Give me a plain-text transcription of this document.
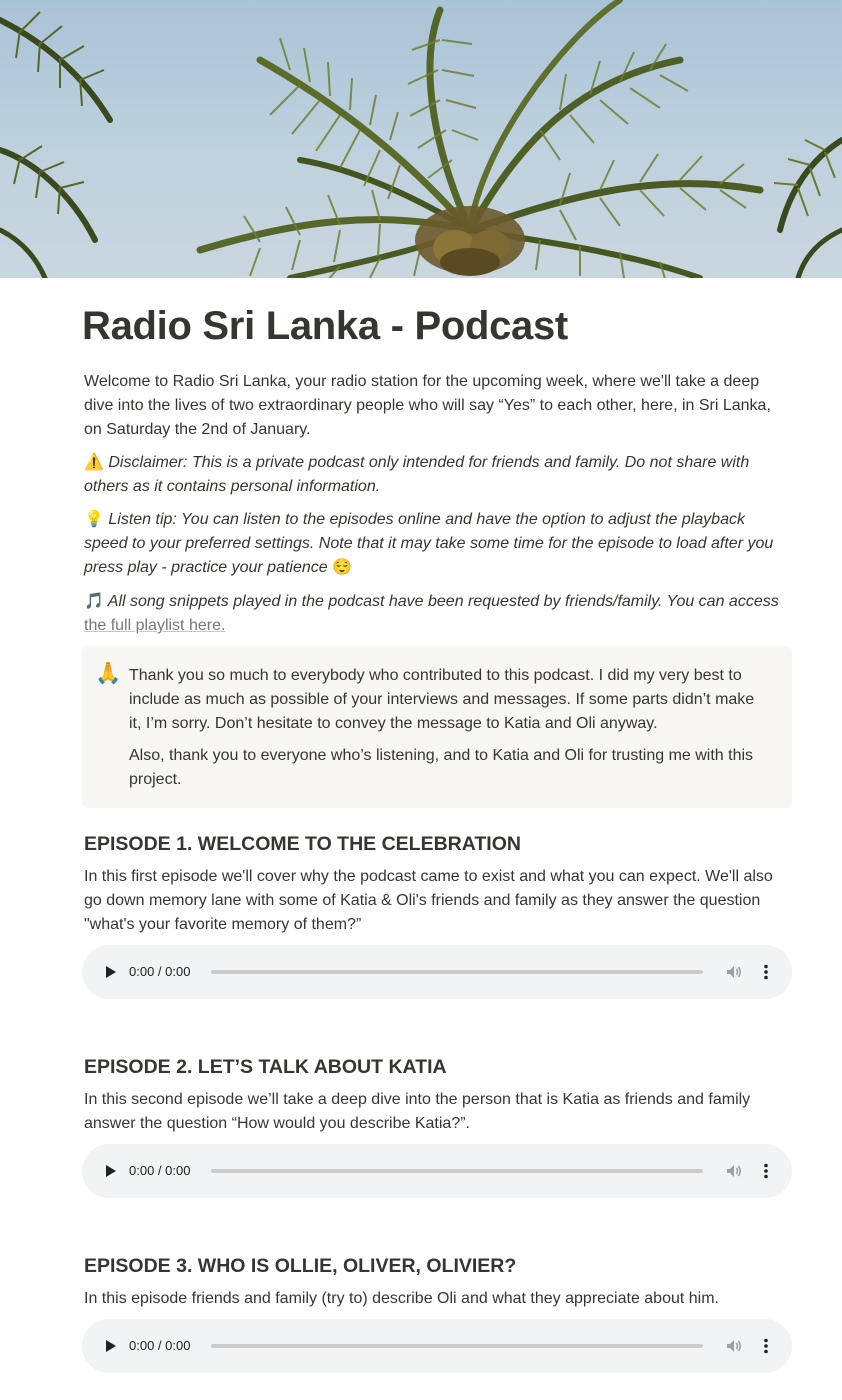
Radio Sri Lanka - Podcast
Welcome to Radio Sri Lanka, your radio station for the upcoming week, where we'll take a deep dive into the lives of two extraordinary people who will say “Yes” to each other, here, in Sri Lanka, on Saturday the 2nd of January.
⚠️ Disclaimer: This is a private podcast only intended for friends and family. Do not share with others as it contains personal information.
💡 Listen tip: You can listen to the episodes online and have the option to adjust the playback speed to your preferred settings. Note that it may take some time for the episode to load after you press play - practice your patience 😌
🎵 All song snippets played in the podcast have been requested by friends/family. You can access the full playlist here.
🙏 Thank you so much to everybody who contributed to this podcast. I did my very best to include as much as possible of your interviews and messages. If some parts didn’t make it, I’m sorry. Don’t hesitate to convey the message to Katia and Oli anyway.
Also, thank you to everyone who’s listening, and to Katia and Oli for trusting me with this project.
EPISODE 1. WELCOME TO THE CELEBRATION
In this first episode we'll cover why the podcast came to exist and what you can expect. We'll also go down memory lane with some of Katia & Oli's friends and family as they answer the question "what's your favorite memory of them?”
0:00 / 0:00
EPISODE 2. LET’S TALK ABOUT KATIA
In this second episode we’ll take a deep dive into the person that is Katia as friends and family answer the question “How would you describe Katia?”.
0:00 / 0:00
EPISODE 3. WHO IS OLLIE, OLIVER, OLIVIER?
In this episode friends and family (try to) describe Oli and what they appreciate about him.
0:00 / 0:00
